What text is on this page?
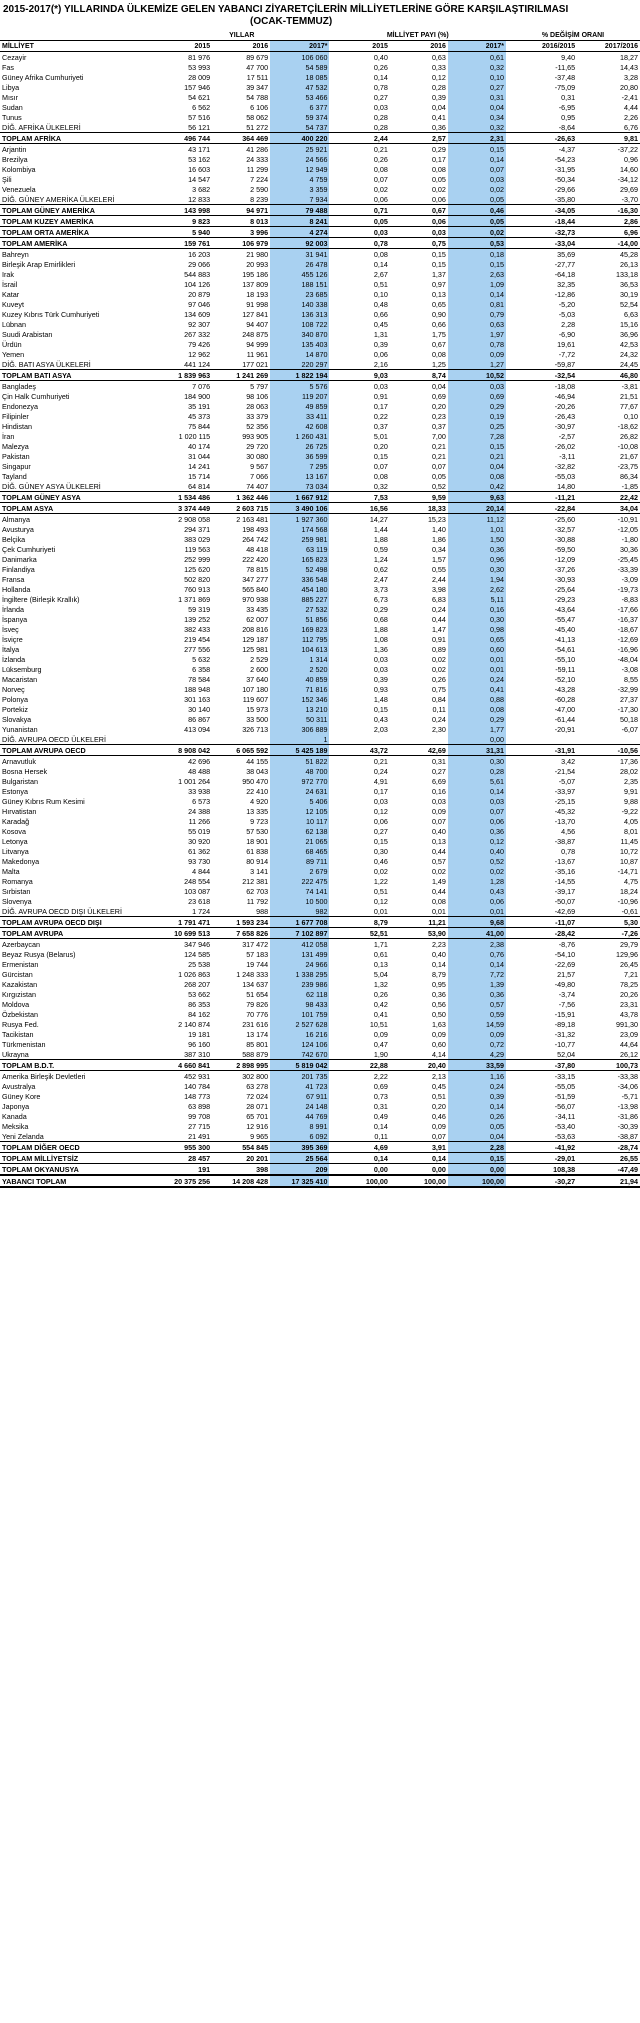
2015-2017(*) YILLARINDA ÜLKEMİZE GELEN YABANCI ZİYARETÇİLERİN MİLLİYETLERİNE GÖRE KARŞILAŞTIRILMASI
(OCAK-TEMMUZ)
	YILLAR			MİLLİYET PAYI (%)			% DEĞİŞİM ORANI	
MİLLİYET	2015	2016	2017*	2015	2016	2017*	2016/2015	2017/2016
Cezayir	81 976	89 679	106 060	0,40	0,63	0,61	9,40	18,27
Fas	53 993	47 700	54 589	0,26	0,33	0,32	-11,65	14,43
Güney Afrika Cumhuriyeti	28 009	17 511	18 085	0,14	0,12	0,10	-37,48	3,28
Libya	157 946	39 347	47 532	0,78	0,28	0,27	-75,09	20,80
Mısır	54 621	54 788	53 466	0,27	0,39	0,31	0,31	-2,41
Sudan	6 562	6 106	6 377	0,03	0,04	0,04	-6,95	4,44
Tunus	57 516	58 062	59 374	0,28	0,41	0,34	0,95	2,26
DİĞ. AFRİKA ÜLKELERİ	56 121	51 272	54 737	0,28	0,36	0,32	-8,64	6,76
TOPLAM AFRİKA	496 744	364 469	400 220	2,44	2,57	2,31	-26,63	9,81
Arjantin	43 171	41 286	25 921	0,21	0,29	0,15	-4,37	-37,22
Brezilya	53 162	24 333	24 566	0,26	0,17	0,14	-54,23	0,96
Kolombiya	16 603	11 299	12 949	0,08	0,08	0,07	-31,95	14,60
Şili	14 547	7 224	4 759	0,07	0,05	0,03	-50,34	-34,12
Venezuela	3 682	2 590	3 359	0,02	0,02	0,02	-29,66	29,69
DİĞ. GÜNEY AMERİKA ÜLKELERİ	12 833	8 239	7 934	0,06	0,06	0,05	-35,80	-3,70
TOPLAM GÜNEY AMERİKA	143 998	94 971	79 488	0,71	0,67	0,46	-34,05	-16,30
TOPLAM KUZEY AMERİKA	9 823	8 013	8 241	0,05	0,06	0,05	-18,44	2,86
TOPLAM ORTA AMERİKA	5 940	3 996	4 274	0,03	0,03	0,02	-32,73	6,96
TOPLAM AMERİKA	159 761	106 979	92 003	0,78	0,75	0,53	-33,04	-14,00
Bahreyn	16 203	21 980	31 941	0,08	0,15	0,18	35,69	45,28
Birleşik Arap Emirlikleri	29 066	20 993	26 478	0,14	0,15	0,15	-27,77	26,13
Irak	544 883	195 186	455 126	2,67	1,37	2,63	-64,18	133,18
İsrail	104 126	137 809	188 151	0,51	0,97	1,09	32,35	36,53
Katar	20 879	18 193	23 685	0,10	0,13	0,14	-12,86	30,19
Kuveyt	97 046	91 998	140 338	0,48	0,65	0,81	-5,20	52,54
Kuzey Kıbrıs Türk Cumhuriyeti	134 609	127 841	136 313	0,66	0,90	0,79	-5,03	6,63
Lübnan	92 307	94 407	108 722	0,45	0,66	0,63	2,28	15,16
Suudi Arabistan	267 332	248 875	340 870	1,31	1,75	1,97	-6,90	36,96
Ürdün	79 426	94 999	135 403	0,39	0,67	0,78	19,61	42,53
Yemen	12 962	11 961	14 870	0,06	0,08	0,09	-7,72	24,32
DİĞ. BATI ASYA ÜLKELERİ	441 124	177 021	220 297	2,16	1,25	1,27	-59,87	24,45
TOPLAM BATI ASYA	1 839 963	1 241 269	1 822 194	9,03	8,74	10,52	-32,54	46,80
Bangladeş	7 076	5 797	5 576	0,03	0,04	0,03	-18,08	-3,81
Çin Halk Cumhuriyeti	184 900	98 106	119 207	0,91	0,69	0,69	-46,94	21,51
Endonezya	35 191	28 063	49 859	0,17	0,20	0,29	-20,26	77,67
Filipinler	45 373	33 379	33 411	0,22	0,23	0,19	-26,43	0,10
Hindistan	75 844	52 356	42 608	0,37	0,37	0,25	-30,97	-18,62
İran	1 020 115	993 905	1 260 431	5,01	7,00	7,28	-2,57	26,82
Malezya	40 174	29 720	26 725	0,20	0,21	0,15	-26,02	-10,08
Pakistan	31 044	30 080	36 599	0,15	0,21	0,21	-3,11	21,67
Singapur	14 241	9 567	7 295	0,07	0,07	0,04	-32,82	-23,75
Tayland	15 714	7 066	13 167	0,08	0,05	0,08	-55,03	86,34
DİĞ. GÜNEY ASYA ÜLKELERİ	64 814	74 407	73 034	0,32	0,52	0,42	14,80	-1,85
TOPLAM GÜNEY ASYA	1 534 486	1 362 446	1 667 912	7,53	9,59	9,63	-11,21	22,42
TOPLAM ASYA	3 374 449	2 603 715	3 490 106	16,56	18,33	20,14	-22,84	34,04
Almanya	2 908 058	2 163 481	1 927 360	14,27	15,23	11,12	-25,60	-10,91
Avusturya	294 371	198 493	174 568	1,44	1,40	1,01	-32,57	-12,05
Belçika	383 029	264 742	259 981	1,88	1,86	1,50	-30,88	-1,80
Çek Cumhuriyeti	119 563	48 418	63 119	0,59	0,34	0,36	-59,50	30,36
Danimarka	252 999	222 420	165 823	1,24	1,57	0,96	-12,09	-25,45
Finlandiya	125 620	78 815	52 498	0,62	0,55	0,30	-37,26	-33,39
Fransa	502 820	347 277	336 548	2,47	2,44	1,94	-30,93	-3,09
Hollanda	760 913	565 840	454 180	3,73	3,98	2,62	-25,64	-19,73
İngiltere (Birleşik Krallık)	1 371 869	970 938	885 227	6,73	6,83	5,11	-29,23	-8,83
İrlanda	59 319	33 435	27 532	0,29	0,24	0,16	-43,64	-17,66
İspanya	139 252	62 007	51 856	0,68	0,44	0,30	-55,47	-16,37
İsveç	382 433	208 816	169 823	1,88	1,47	0,98	-45,40	-18,67
İsviçre	219 454	129 187	112 795	1,08	0,91	0,65	-41,13	-12,69
İtalya	277 556	125 981	104 613	1,36	0,89	0,60	-54,61	-16,96
İzlanda	5 632	2 529	1 314	0,03	0,02	0,01	-55,10	-48,04
Lüksemburg	6 358	2 600	2 520	0,03	0,02	0,01	-59,11	-3,08
Macaristan	78 584	37 640	40 859	0,39	0,26	0,24	-52,10	8,55
Norveç	188 948	107 180	71 816	0,93	0,75	0,41	-43,28	-32,99
Polonya	301 163	119 607	152 346	1,48	0,84	0,88	-60,28	27,37
Portekiz	30 140	15 973	13 210	0,15	0,11	0,08	-47,00	-17,30
Slovakya	86 867	33 500	50 311	0,43	0,24	0,29	-61,44	50,18
Yunanistan	413 094	326 713	306 889	2,03	2,30	1,77	-20,91	-6,07
DİĞ. AVRUPA OECD ÜLKELERİ			1			0,00		
TOPLAM AVRUPA OECD	8 908 042	6 065 592	5 425 189	43,72	42,69	31,31	-31,91	-10,56
Arnavutluk	42 696	44 155	51 822	0,21	0,31	0,30	3,42	17,36
Bosna Hersek	48 488	38 043	48 700	0,24	0,27	0,28	-21,54	28,02
Bulgaristan	1 001 264	950 470	972 770	4,91	6,69	5,61	-5,07	2,35
Estonya	33 938	22 410	24 631	0,17	0,16	0,14	-33,97	9,91
Güney Kıbrıs Rum Kesimi	6 573	4 920	5 406	0,03	0,03	0,03	-25,15	9,88
Hırvatistan	24 388	13 335	12 105	0,12	0,09	0,07	-45,32	-9,22
Karadağ	11 266	9 723	10 117	0,06	0,07	0,06	-13,70	4,05
Kosova	55 019	57 530	62 138	0,27	0,40	0,36	4,56	8,01
Letonya	30 920	18 901	21 065	0,15	0,13	0,12	-38,87	11,45
Litvanya	61 362	61 838	68 465	0,30	0,44	0,40	0,78	10,72
Makedonya	93 730	80 914	89 711	0,46	0,57	0,52	-13,67	10,87
Malta	4 844	3 141	2 679	0,02	0,02	0,02	-35,16	-14,71
Romanya	248 554	212 381	222 475	1,22	1,49	1,28	-14,55	4,75
Sırbistan	103 087	62 703	74 141	0,51	0,44	0,43	-39,17	18,24
Slovenya	23 618	11 792	10 500	0,12	0,08	0,06	-50,07	-10,96
DİĞ. AVRUPA OECD DIŞI ÜLKELERİ	1 724	988	982	0,01	0,01	0,01	-42,69	-0,61
TOPLAM AVRUPA OECD DIŞI	1 791 471	1 593 234	1 677 708	8,79	11,21	9,68	-11,07	5,30
TOPLAM AVRUPA	10 699 513	7 658 826	7 102 897	52,51	53,90	41,00	-28,42	-7,26
Azerbaycan	347 946	317 472	412 058	1,71	2,23	2,38	-8,76	29,79
Beyaz Rusya (Belarus)	124 585	57 183	131 499	0,61	0,40	0,76	-54,10	129,96
Ermenistan	25 538	19 744	24 966	0,13	0,14	0,14	-22,69	26,45
Gürcistan	1 026 863	1 248 333	1 338 295	5,04	8,79	7,72	21,57	7,21
Kazakistan	268 207	134 637	239 986	1,32	0,95	1,39	-49,80	78,25
Kırgızistan	53 662	51 654	62 118	0,26	0,36	0,36	-3,74	20,26
Moldova	86 353	79 826	98 433	0,42	0,56	0,57	-7,56	23,31
Özbekistan	84 162	70 776	101 759	0,41	0,50	0,59	-15,91	43,78
Rusya Fed.	2 140 874	231 616	2 527 628	10,51	1,63	14,59	-89,18	991,30
Tacikistan	19 181	13 174	16 216	0,09	0,09	0,09	-31,32	23,09
Türkmenistan	96 160	85 801	124 106	0,47	0,60	0,72	-10,77	44,64
Ukrayna	387 310	588 879	742 670	1,90	4,14	4,29	52,04	26,12
TOPLAM B.D.T.	4 660 841	2 898 995	5 819 042	22,88	20,40	33,59	-37,80	100,73
Amerika Birleşik Devletleri	452 931	302 800	201 735	2,22	2,13	1,16	-33,15	-33,38
Avustralya	140 784	63 278	41 723	0,69	0,45	0,24	-55,05	-34,06
Güney Kore	148 773	72 024	67 911	0,73	0,51	0,39	-51,59	-5,71
Japonya	63 898	28 071	24 148	0,31	0,20	0,14	-56,07	-13,98
Kanada	99 708	65 701	44 769	0,49	0,46	0,26	-34,11	-31,86
Meksika	27 715	12 916	8 991	0,14	0,09	0,05	-53,40	-30,39
Yeni Zelanda	21 491	9 965	6 092	0,11	0,07	0,04	-53,63	-38,87
TOPLAM DİĞER OECD	955 300	554 845	395 369	4,69	3,91	2,28	-41,92	-28,74
TOPLAM MİLLİYETSİZ	28 457	20 201	25 564	0,14	0,14	0,15	-29,01	26,55
TOPLAM OKYANUSYA	191	398	209	0,00	0,00	0,00	108,38	-47,49
YABANCI TOPLAM	20 375 256	14 208 428	17 325 410	100,00	100,00	100,00	-30,27	21,94
